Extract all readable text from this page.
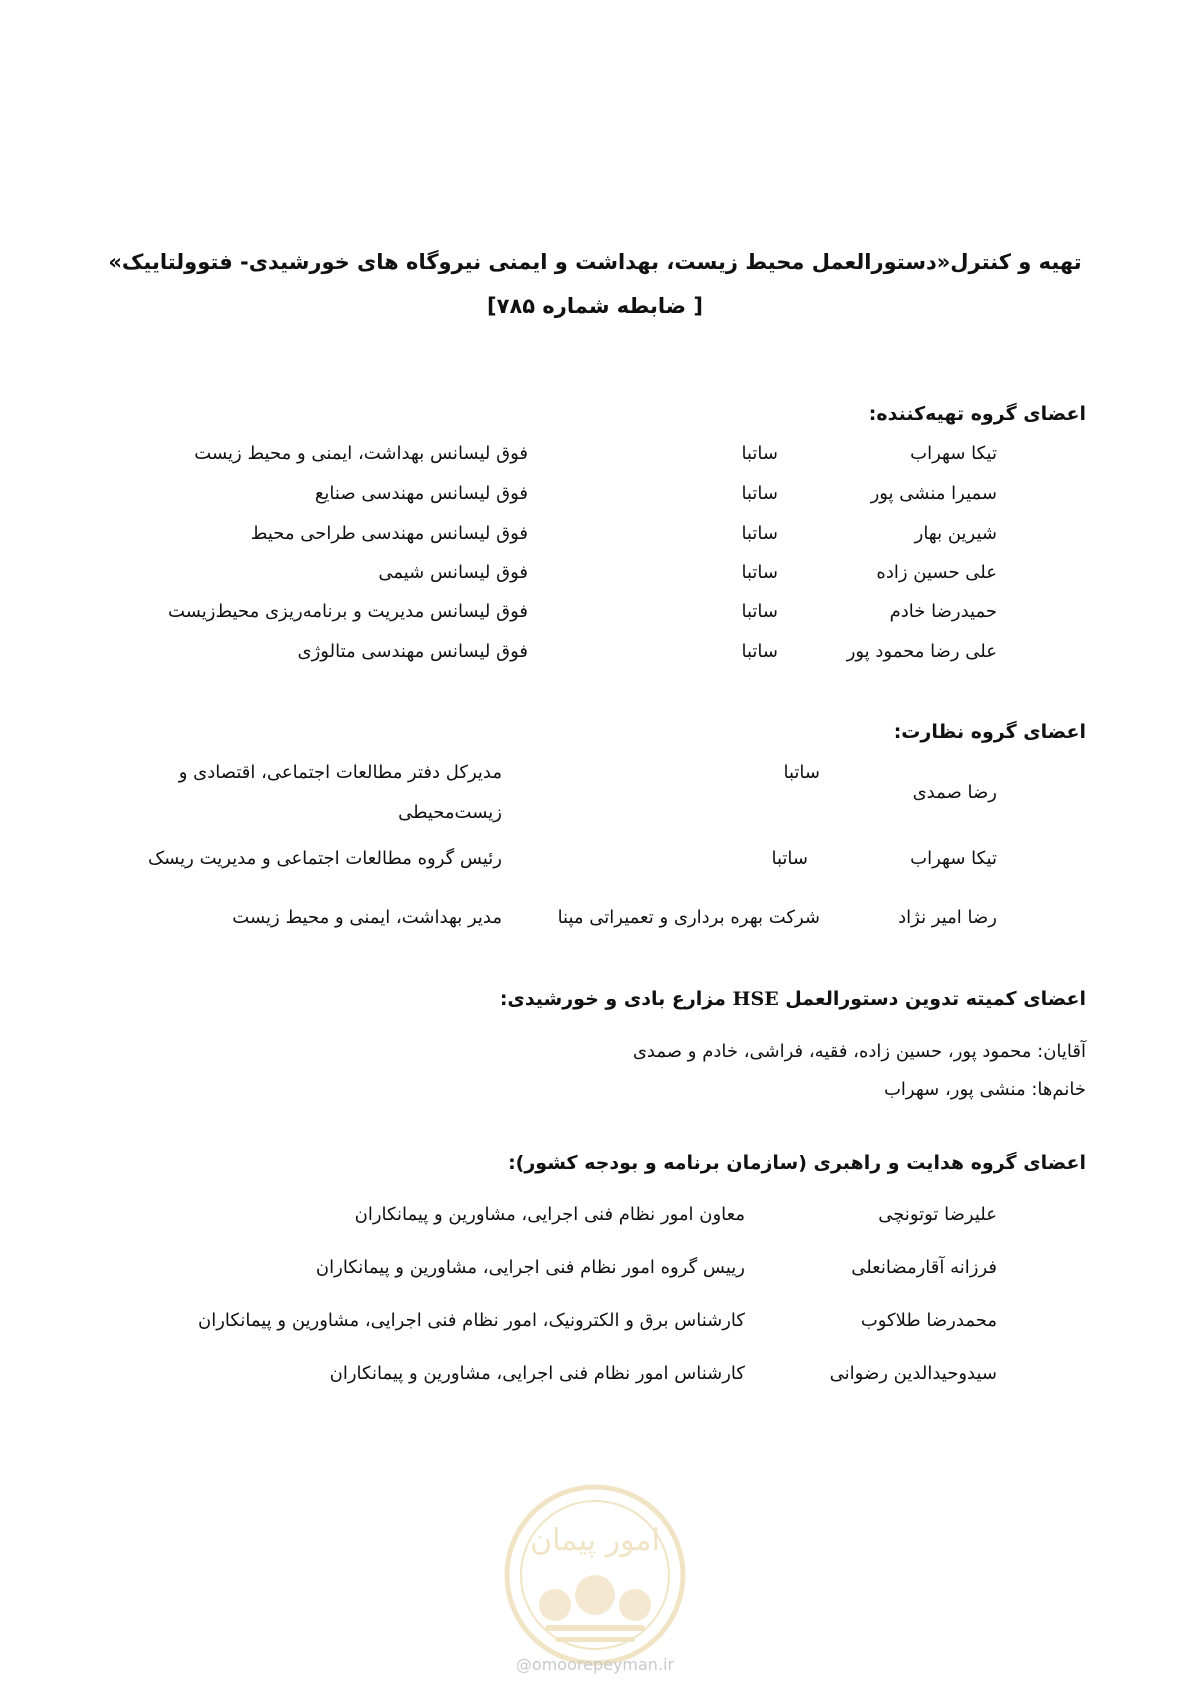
تهیه و کنترل«دستورالعمل محیط زیست، بهداشت و ایمنی نیروگاه های خورشیدی- فتوولتاییک»
[ ضابطه شماره ۷۸۵]
اعضای گروه تهیه‌کننده:
تیکا سهراب
ساتبا
فوق لیسانس بهداشت، ایمنی و محیط زیست
سمیرا منشی پور
ساتبا
فوق لیسانس مهندسی صنایع
شیرین بهار
ساتبا
فوق لیسانس مهندسی طراحی محیط
علی حسین زاده
ساتبا
فوق لیسانس شیمی
حمیدرضا خادم
ساتبا
فوق لیسانس مدیریت و برنامه‌ریزی محیط‌زیست
علی رضا محمود پور
ساتبا
فوق لیسانس مهندسی متالوژی
اعضای گروه نظارت:
رضا صمدی
ساتبا
مدیرکل دفتر مطالعات اجتماعی، اقتصادی و
زیست‌محیطی
تیکا سهراب
ساتبا
رئیس گروه مطالعات اجتماعی و مدیریت ریسک
رضا امیر نژاد
شرکت بهره برداری و تعمیراتی مپنا
مدیر بهداشت، ایمنی و محیط زیست
اعضای کمیته تدوین دستورالعمل HSE مزارع بادی و خورشیدی:
آقایان: محمود پور، حسین زاده، فقیه، فراشی، خادم و صمدی
خانم‌ها: منشی پور، سهراب
اعضای گروه هدایت و راهبری (سازمان برنامه و بودجه کشور):
علیرضا توتونچی
معاون امور نظام فنی اجرایی، مشاورین و پیمانکاران
فرزانه آقارمضانعلی
رییس گروه امور نظام فنی اجرایی، مشاورین و پیمانکاران
محمدرضا طلاکوب
کارشناس برق و الکترونیک، امور نظام فنی اجرایی، مشاورین و پیمانکاران
سیدوحیدالدین رضوانی
کارشناس امور نظام فنی اجرایی، مشاورین و پیمانکاران
امور پیمان
@omoorepeyman.ir
